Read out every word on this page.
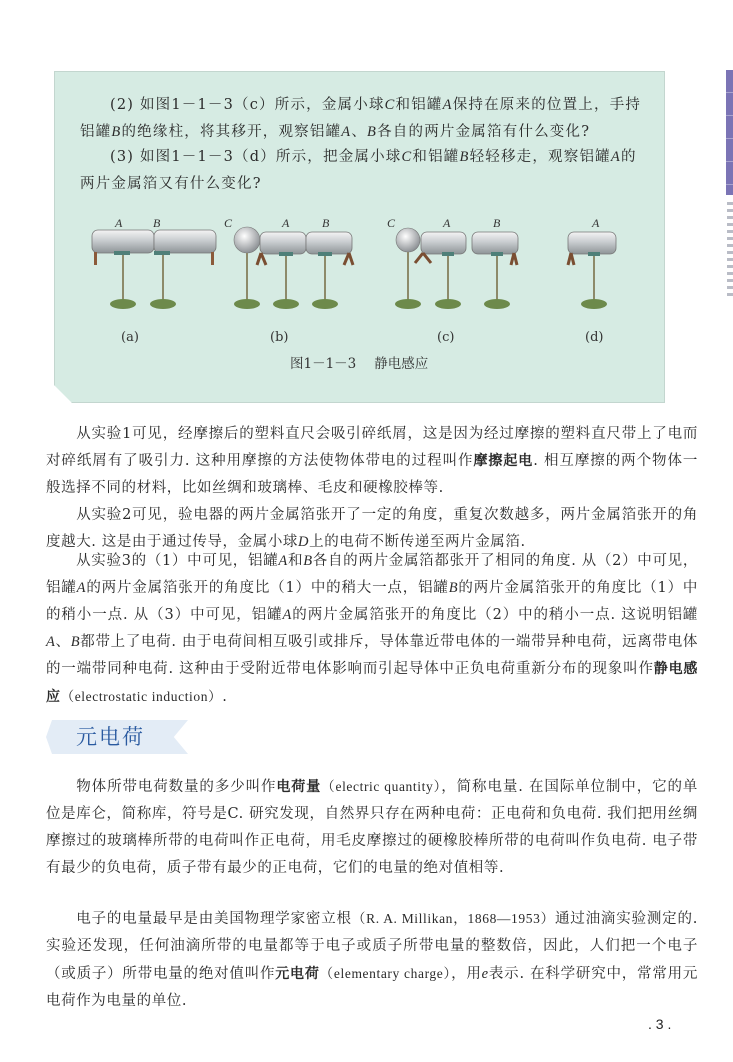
(2) 如图1－1－3（c）所示，金属小球C和铝罐A保持在原来的位置上，手持铝罐B的绝缘柱，将其移开，观察铝罐A、B各自的两片金属箔有什么变化?

(3) 如图1－1－3（d）所示，把金属小球C和铝罐B轻轻移走，观察铝罐A的两片金属箔又有什么变化?

A	B	C	A	B	C	A	B	A
(a)	(b)	(c)	(d)
图1－1－3 静电感应

从实验1可见，经摩擦后的塑料直尺会吸引碎纸屑，这是因为经过摩擦的塑料直尺带上了电而对碎纸屑有了吸引力. 这种用摩擦的方法使物体带电的过程叫作摩擦起电. 相互摩擦的两个物体一般选择不同的材料，比如丝绸和玻璃棒、毛皮和硬橡胶棒等.

从实验2可见，验电器的两片金属箔张开了一定的角度，重复次数越多，两片金属箔张开的角度越大. 这是由于通过传导，金属小球D上的电荷不断传递至两片金属箔.

从实验3的（1）中可见，铝罐A和B各自的两片金属箔都张开了相同的角度. 从（2）中可见，铝罐A的两片金属箔张开的角度比（1）中的稍大一点，铝罐B的两片金属箔张开的角度比（1）中的稍小一点. 从（3）中可见，铝罐A的两片金属箔张开的角度比（2）中的稍小一点. 这说明铝罐A、B都带上了电荷. 由于电荷间相互吸引或排斥，导体靠近带电体的一端带异种电荷，远离带电体的一端带同种电荷. 这种由于受附近带电体影响而引起导体中正负电荷重新分布的现象叫作静电感应（electrostatic induction）.

元电荷

物体所带电荷数量的多少叫作电荷量（electric quantity），简称电量. 在国际单位制中，它的单位是库仑，简称库，符号是C. 研究发现，自然界只存在两种电荷：正电荷和负电荷. 我们把用丝绸摩擦过的玻璃棒所带的电荷叫作正电荷，用毛皮摩擦过的硬橡胶棒所带的电荷叫作负电荷. 电子带有最少的负电荷，质子带有最少的正电荷，它们的电量的绝对值相等.

电子的电量最早是由美国物理学家密立根（R. A. Millikan，1868—1953）通过油滴实验测定的. 实验还发现，任何油滴所带的电量都等于电子或质子所带电量的整数倍，因此，人们把一个电子（或质子）所带电量的绝对值叫作元电荷（elementary charge），用e表示. 在科学研究中，常常用元电荷作为电量的单位.

. 3 .
